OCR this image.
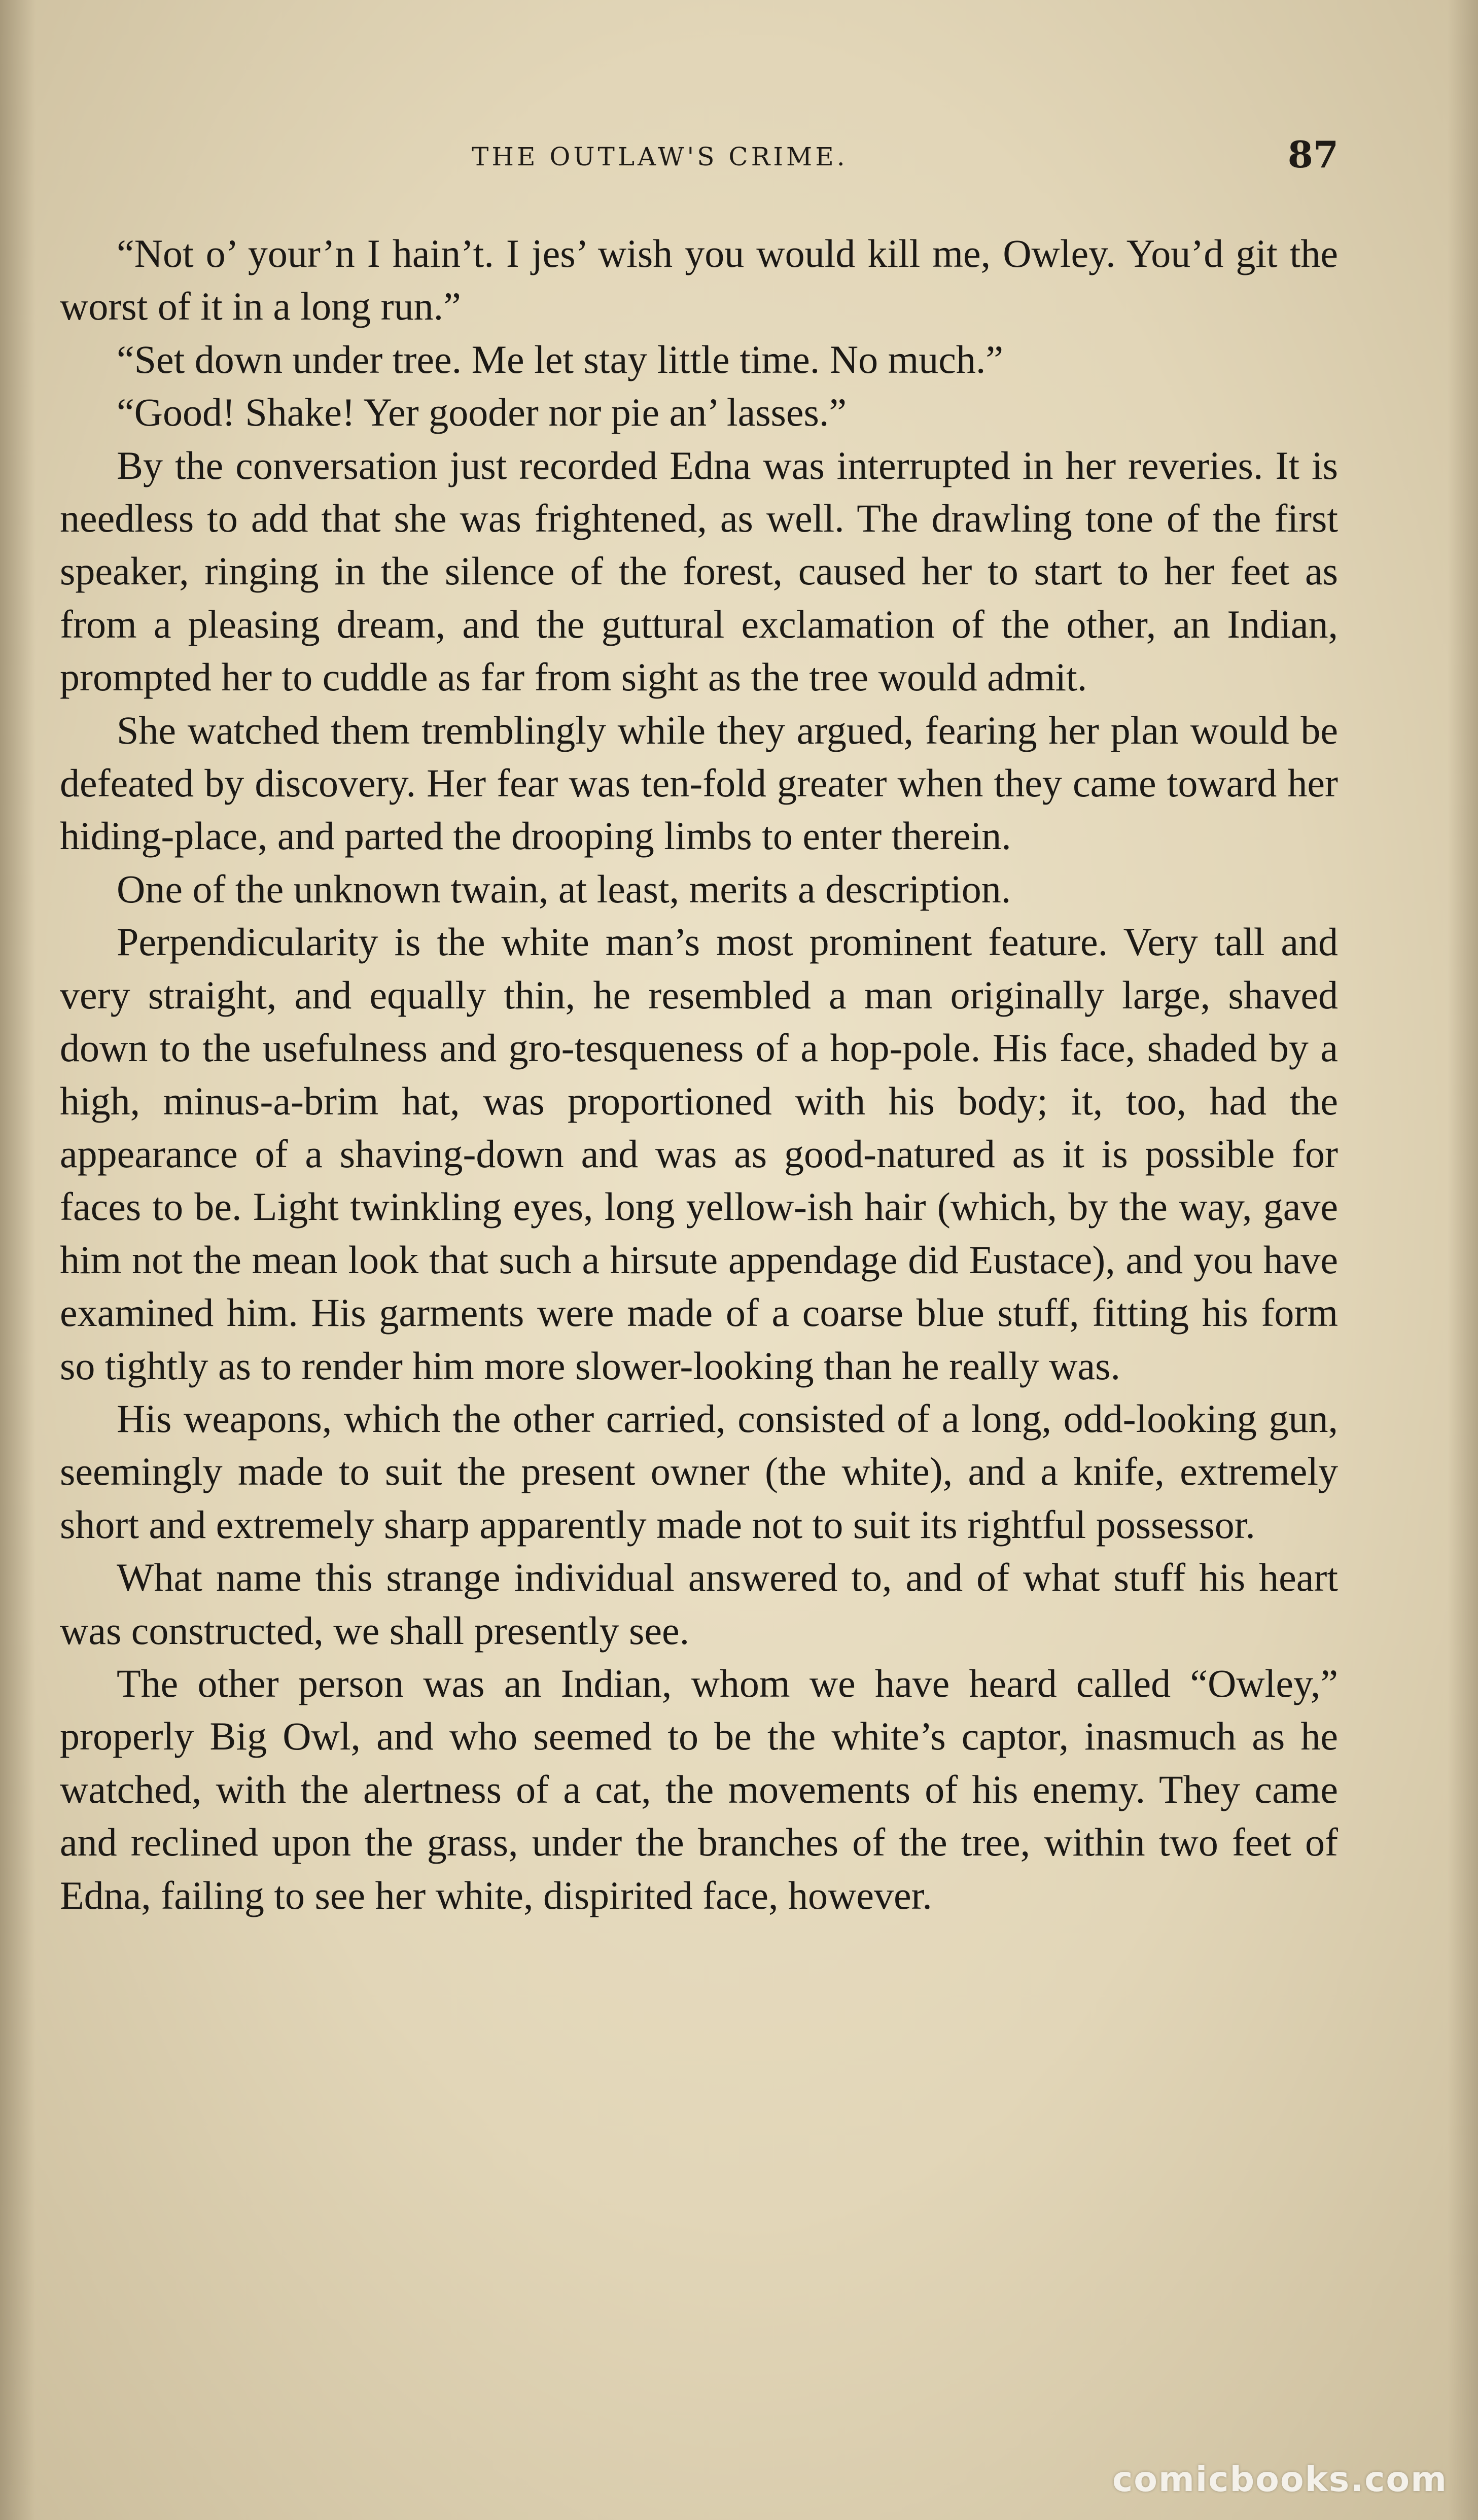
THE OUTLAW'S CRIME.	87

“Not o’ your’n I hain’t. I jes’ wish you would kill me, Owley. You’d git the worst of it in a long run.”

“Set down under tree. Me let stay little time. No much.”

“Good! Shake! Yer gooder nor pie an’ lasses.”

By the conversation just recorded Edna was interrupted in her reveries. It is needless to add that she was frightened, as well. The drawling tone of the first speaker, ringing in the silence of the forest, caused her to start to her feet as from a pleasing dream, and the guttural exclamation of the other, an Indian, prompted her to cuddle as far from sight as the tree would admit.

She watched them tremblingly while they argued, fearing her plan would be defeated by discovery. Her fear was ten-fold greater when they came toward her hiding-place, and parted the drooping limbs to enter therein.

One of the unknown twain, at least, merits a description.

Perpendicularity is the white man’s most prominent feature. Very tall and very straight, and equally thin, he resembled a man originally large, shaved down to the usefulness and gro-tesqueness of a hop-pole. His face, shaded by a high, minus-a-brim hat, was proportioned with his body; it, too, had the appearance of a shaving-down and was as good-natured as it is possible for faces to be. Light twinkling eyes, long yellow-ish hair (which, by the way, gave him not the mean look that such a hirsute appendage did Eustace), and you have examined him. His garments were made of a coarse blue stuff, fitting his form so tightly as to render him more slower-looking than he really was.

His weapons, which the other carried, consisted of a long, odd-looking gun, seemingly made to suit the present owner (the white), and a knife, extremely short and extremely sharp apparently made not to suit its rightful possessor.

What name this strange individual answered to, and of what stuff his heart was constructed, we shall presently see.

The other person was an Indian, whom we have heard called “Owley,” properly Big Owl, and who seemed to be the white’s captor, inasmuch as he watched, with the alertness of a cat, the movements of his enemy. They came and reclined upon the grass, under the branches of the tree, within two feet of Edna, failing to see her white, dispirited face, however.

comicbooks.com
